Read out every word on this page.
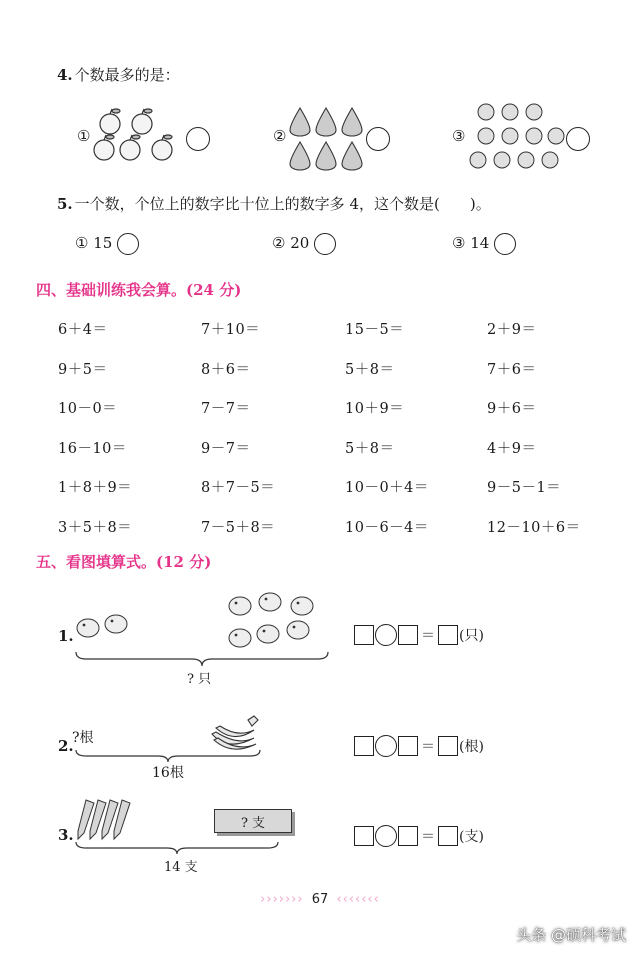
4. 个数最多的是：
①	②	③
5. 一个数，个位上的数字比十位上的数字多 4，这个数是(　　)。
① 15	② 20	③ 14
四、基础训练我会算。(24 分)
6＋4＝	7＋10＝	15－5＝	2＋9＝
9＋5＝	8＋6＝	5＋8＝	7＋6＝
10－0＝	7－7＝	10＋9＝	9＋6＝
16－10＝	9－7＝	5＋8＝	4＋9＝
1＋8＋9＝	8＋7－5＝	10－0＋4＝	9－5－1＝
3＋5＋8＝	7－5＋8＝	10－6－4＝	12－10＋6＝
五、看图填算式。(12 分)
1.
? 只
＝ (只)
2.
?根
16根
＝ (根)
3.
? 支
14 支
＝ (支)
››››››› 67 ‹‹‹‹‹‹‹
头条 @硕科考试
